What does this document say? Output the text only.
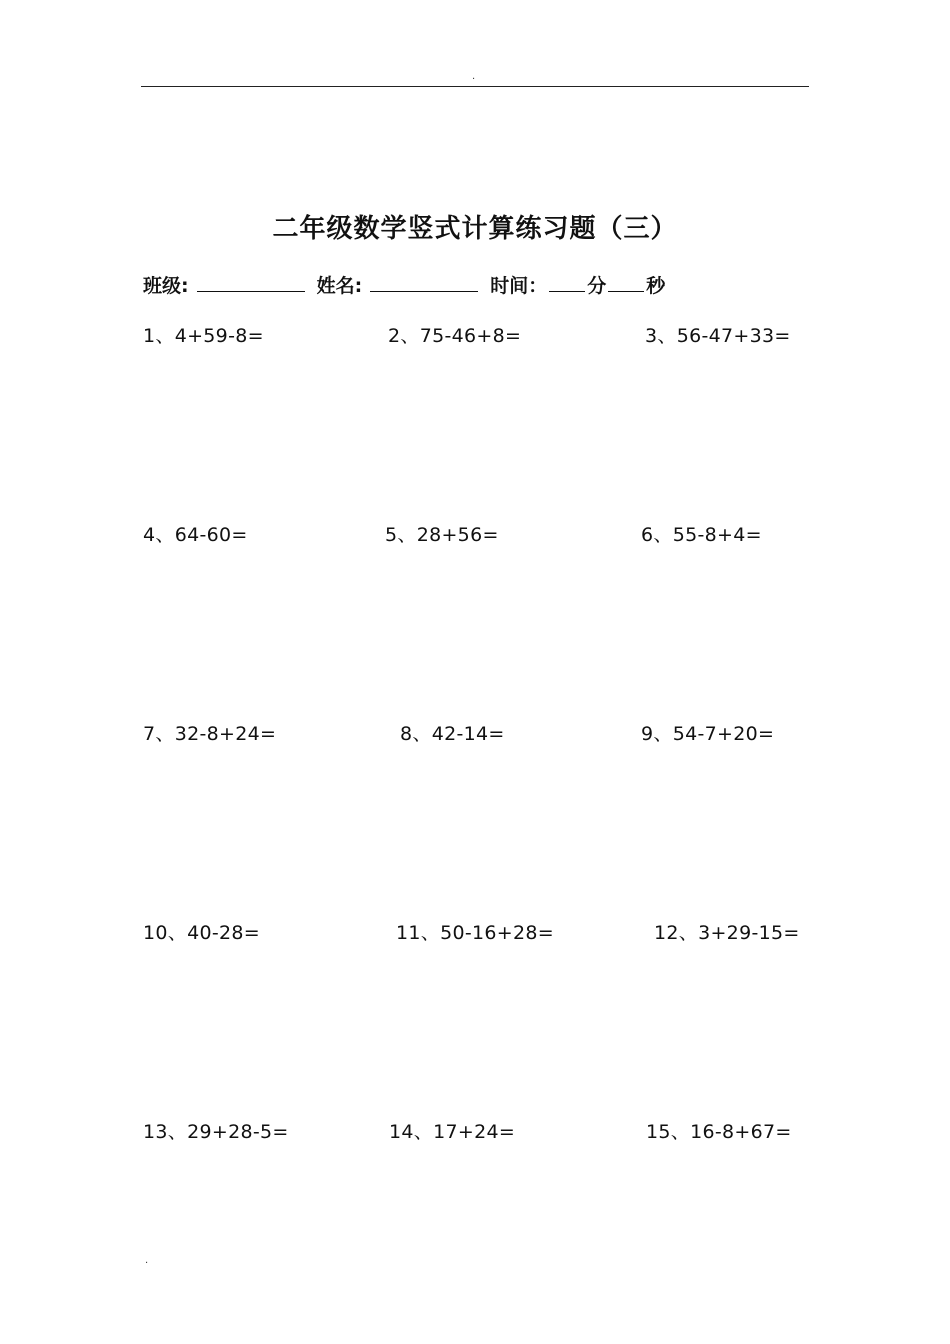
.
二年级数学竖式计算练习题（三）
班级:	姓名:	时间： 分 秒
1、4+59-8=	2、75-46+8=	3、56-47+33=
4、64-60=	5、28+56=	6、55-8+4=
7、32-8+24=	8、42-14=	9、54-7+20=
10、40-28=	11、50-16+28=	12、3+29-15=
13、29+28-5=	14、17+24=	15、16-8+67=
.
